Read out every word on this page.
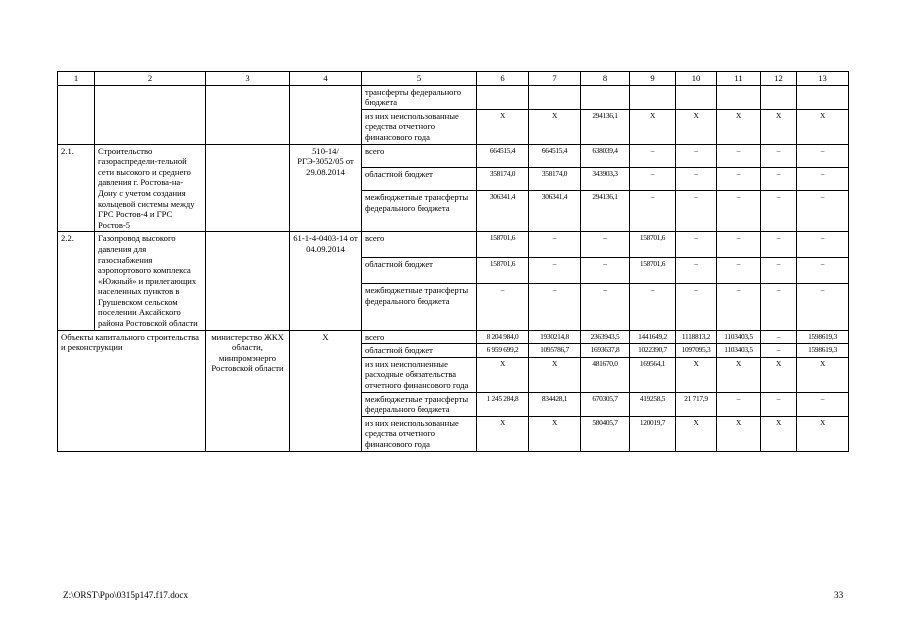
1	2	3	4	5	6	7	8	9	10	11	12	13
				трансферты федерального бюджета								
				из них неиспользованные средства отчетного финансового года	X	X	294136,1	X	X	X	X	X
2.1.	Строительство газораспредели-тельной сети высокого и среднего давления г. Ростова-на-Дону с учетом создания кольцевой системы между ГРС Ростов-4 и ГРС Ростов-5		510-14/РГЭ-3052/05 от 29.08.2014	всего	664515,4	664515,4	638039,4	–	–	–	–	–
				областной бюджет	358174,0	358174,0	343903,3	–	–	–	–	–
				межбюджетные трансферты федерального бюджета	306341,4	306341,4	294136,1	–	–	–	–	–
2.2.	Газопровод высокого давления для газоснабжения аэропортового комплекса «Южный» и прилегающих населенных пунктов в Грушевском сельском поселении Аксайского района Ростовской области		61-1-4-0403-14 от 04.09.2014	всего	158701,6	–	–	158701,6	–	–	–	–
				областной бюджет	158701,6	–	–	158701,6	–	–	–	–
				межбюджетные трансферты федерального бюджета	–	–	–	–	–	–	–	–
Объекты капитального строительства и реконструкции		министерство ЖКХ области, минпромэнерго Ростовской области	X	всего	8 204 984,0	1930214,8	2363943,5	1441649,2	1118813,2	1103403,5	–	1598619,3
				областной бюджет	6 959 699,2	1095786,7	1693637,8	1022390,7	1097095,3	1103403,5	–	1598619,3
				из них неисполненные расходные обязательства отчетного финансового года	X	X	481670,0	169564,1	X	X	X	X
				межбюджетные трансферты федерального бюджета	1 245 284,8	834428,1	670305,7	419258,5	21 717,9	–	–	–
				из них неиспользованные средства отчетного финансового года	X	X	580405,7	120019,7	X	X	X	X
Z:\ORST\Ppo\0315p147.f17.docx	33
